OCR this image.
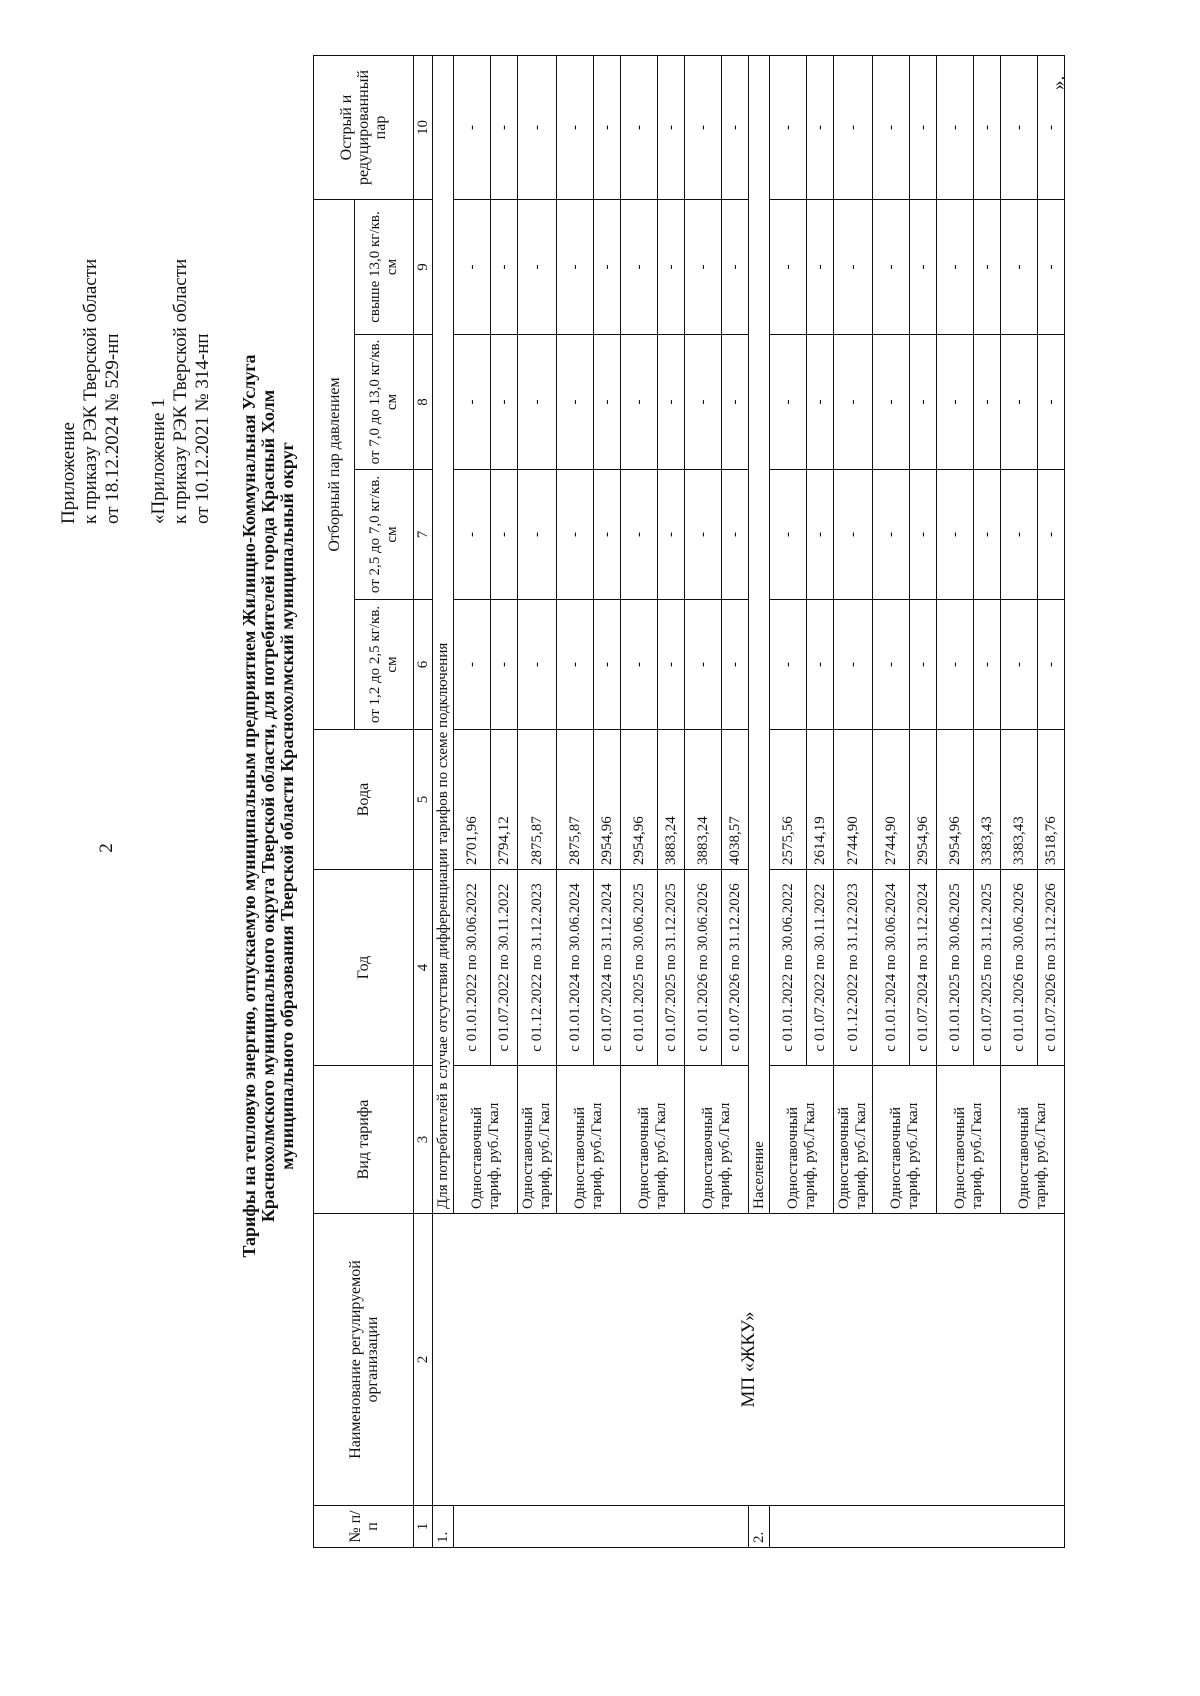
2
Приложение к приказу РЭК Тверской области от 18.12.2024 № 529-нп «Приложение 1 к приказу РЭК Тверской области от 10.12.2021 № 314-нп Тарифы на тепловую энергию, отпускаемую муниципальным предприятием Жилищно-Коммунальная Услуга Краснохолмского муниципального округа Тверской области, для потребителей города Красный Холм муниципального образования Тверской области Краснохолмский муниципальный округ
№ п/п	Наименование регулируемой организации	Вид тарифа	Год	Вода	Отборный пар давлением				Острый и редуцированный пар
					от 1,2 до 2,5 кг/кв. см	от 2,5 до 7,0 кг/кв. см	от 7,0 до 13,0 кг/кв. см	свыше 13,0 кг/кв. см	
1	2	3	4	5	6	7	8	9	10
1.	МП «ЖКУ»	Для потребителей в случае отсутствия дифференциации тарифов по схеме подключения							
		Одноставочный тариф, руб./Гкал	с 01.01.2022 по 30.06.2022	2701,96	-	-	-	-	-
			с 01.07.2022 по 30.11.2022	2794,12	-	-	-	-	-
		Одноставочный тариф, руб./Гкал	с 01.12.2022 по 31.12.2023	2875,87	-	-	-	-	-
		Одноставочный тариф, руб./Гкал	с 01.01.2024 по 30.06.2024	2875,87	-	-	-	-	-
			с 01.07.2024 по 31.12.2024	2954,96	-	-	-	-	-
		Одноставочный тариф, руб./Гкал	с 01.01.2025 по 30.06.2025	2954,96	-	-	-	-	-
			с 01.07.2025 по 31.12.2025	3883,24	-	-	-	-	-
		Одноставочный тариф, руб./Гкал	с 01.01.2026 по 30.06.2026	3883,24	-	-	-	-	-
			с 01.07.2026 по 31.12.2026	4038,57	-	-	-	-	-
2.		Население							
		Одноставочный тариф, руб./Гкал	с 01.01.2022 по 30.06.2022	2575,56	-	-	-	-	-
			с 01.07.2022 по 30.11.2022	2614,19	-	-	-	-	-
		Одноставочный тариф, руб./Гкал	с 01.12.2022 по 31.12.2023	2744,90	-	-	-	-	-
		Одноставочный тариф, руб./Гкал	с 01.01.2024 по 30.06.2024	2744,90	-	-	-	-	-
			с 01.07.2024 по 31.12.2024	2954,96	-	-	-	-	-
		Одноставочный тариф, руб./Гкал	с 01.01.2025 по 30.06.2025	2954,96	-	-	-	-	-
			с 01.07.2025 по 31.12.2025	3383,43	-	-	-	-	-
		Одноставочный тариф, руб./Гкал	с 01.01.2026 по 30.06.2026	3383,43	-	-	-	-	-
			с 01.07.2026 по 31.12.2026	3518,76	-	-	-	-	-
».
